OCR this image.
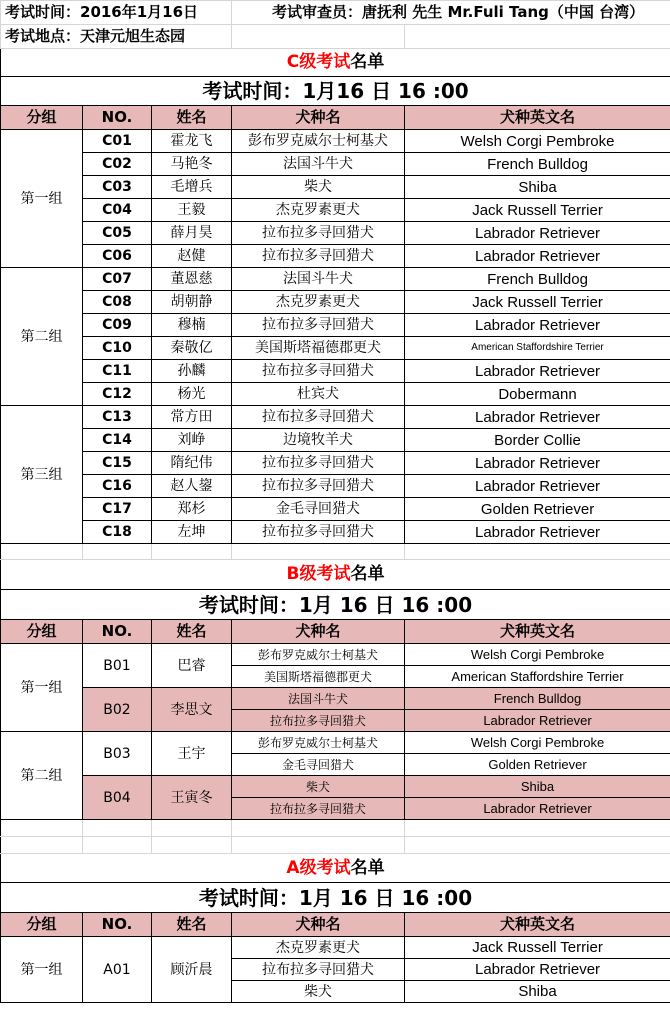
考试时间：2016年1月16日			考试审查员：唐抚利 先生 Mr.Fuli Tang（中国 台湾）	
考试地点：天津元旭生态园				
C级考试名单				
考试时间：1月16 日 16 :00				
分组	NO.	姓名	犬种名	犬种英文名
第一组	C01	霍龙飞	彭布罗克威尔士柯基犬	Welsh Corgi Pembroke
	C02	马艳冬	法国斗牛犬	French Bulldog
	C03	毛增兵	柴犬	Shiba
	C04	王毅	杰克罗素更犬	Jack Russell Terrier
	C05	薛月昊	拉布拉多寻回猎犬	Labrador Retriever
	C06	赵健	拉布拉多寻回猎犬	Labrador Retriever
第二组	C07	董恩慈	法国斗牛犬	French Bulldog
	C08	胡朝静	杰克罗素更犬	Jack Russell Terrier
	C09	穆楠	拉布拉多寻回猎犬	Labrador Retriever
	C10	秦敬亿	美国斯塔福德郡更犬	American Staffordshire Terrier
	C11	孙麟	拉布拉多寻回猎犬	Labrador Retriever
	C12	杨光	杜宾犬	Dobermann
第三组	C13	常方田	拉布拉多寻回猎犬	Labrador Retriever
	C14	刘峥	边境牧羊犬	Border Collie
	C15	隋纪伟	拉布拉多寻回猎犬	Labrador Retriever
	C16	赵人鋆	拉布拉多寻回猎犬	Labrador Retriever
	C17	郑杉	金毛寻回猎犬	Golden Retriever
	C18	左坤	拉布拉多寻回猎犬	Labrador Retriever

B级考试名单				
考试时间：1月 16 日 16 :00				
分组	NO.	姓名	犬种名	犬种英文名
第一组	B01	巴睿	彭布罗克威尔士柯基犬	Welsh Corgi Pembroke
			美国斯塔福德郡更犬	American Staffordshire Terrier
	B02	李思文	法国斗牛犬	French Bulldog
			拉布拉多寻回猎犬	Labrador Retriever
第二组	B03	王宇	彭布罗克威尔士柯基犬	Welsh Corgi Pembroke
			金毛寻回猎犬	Golden Retriever
	B04	王寅冬	柴犬	Shiba
			拉布拉多寻回猎犬	Labrador Retriever

A级考试名单				
考试时间：1月 16 日 16 :00				
分组	NO.	姓名	犬种名	犬种英文名
第一组	A01	顾沂晨	杰克罗素更犬	Jack Russell Terrier
			拉布拉多寻回猎犬	Labrador Retriever
			柴犬	Shiba
